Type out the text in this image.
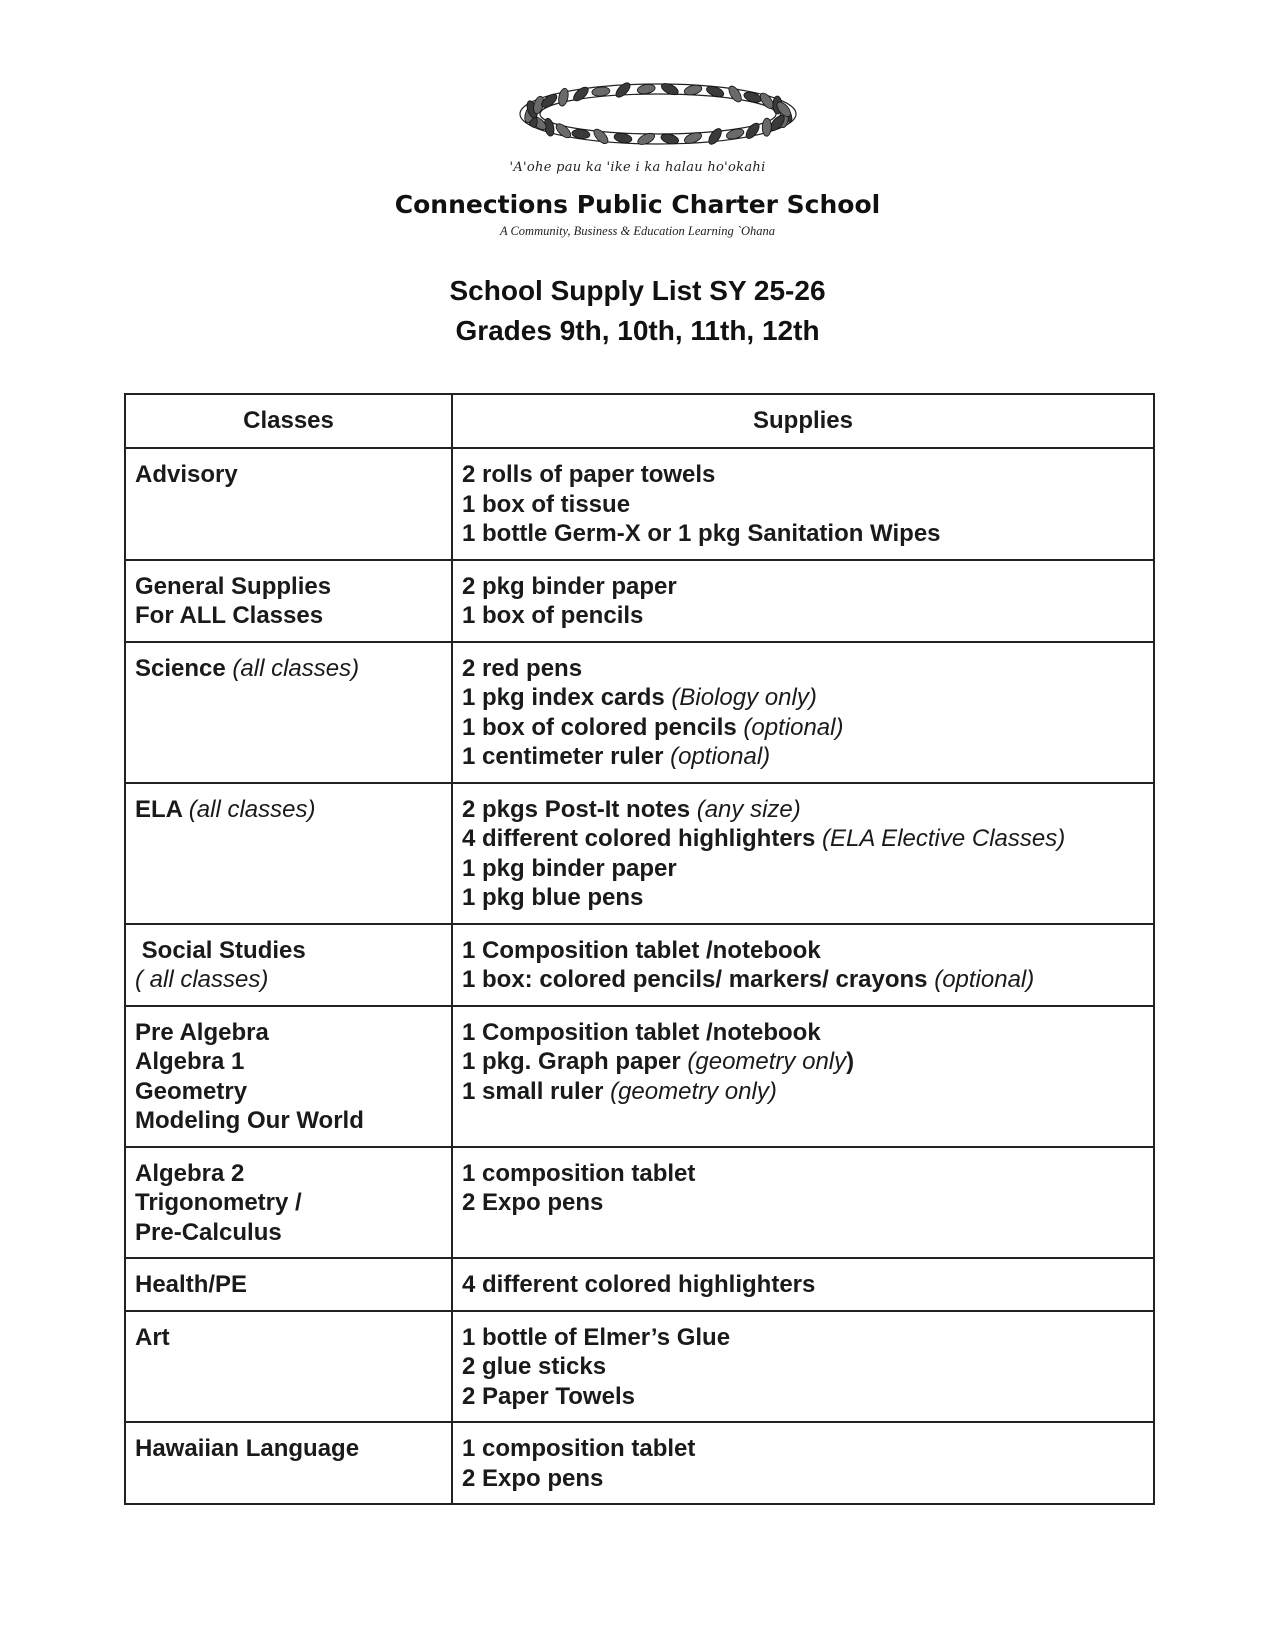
'A'ohe pau ka 'ike i ka halau ho'okahi
Connections Public Charter School
A Community, Business & Education Learning `Ohana
School Supply List SY 25-26
Grades 9th, 10th, 11th, 12th
Classes	Supplies

Advisory	2 rolls of paper towels
1 box of tissue
1 bottle Germ-X or 1 pkg Sanitation Wipes

General Supplies
For ALL Classes	2 pkg binder paper
1 box of pencils

Science (all classes)	2 red pens
1 pkg index cards (Biology only)
1 box of colored pencils (optional)
1 centimeter ruler (optional)

ELA (all classes)	2 pkgs Post-It notes (any size)
4 different colored highlighters (ELA Elective Classes)
1 pkg binder paper
1 pkg blue pens

Social Studies
( all classes)	1 Composition tablet /notebook
1 box: colored pencils/ markers/ crayons (optional)

Pre Algebra
Algebra 1
Geometry
Modeling Our World	1 Composition tablet /notebook
1 pkg. Graph paper (geometry only)
1 small ruler (geometry only)

Algebra 2
Trigonometry /
Pre-Calculus	1 composition tablet
2 Expo pens

Health/PE	4 different colored highlighters

Art	1 bottle of Elmer’s Glue
2 glue sticks
2 Paper Towels

Hawaiian Language	1 composition tablet
2 Expo pens
